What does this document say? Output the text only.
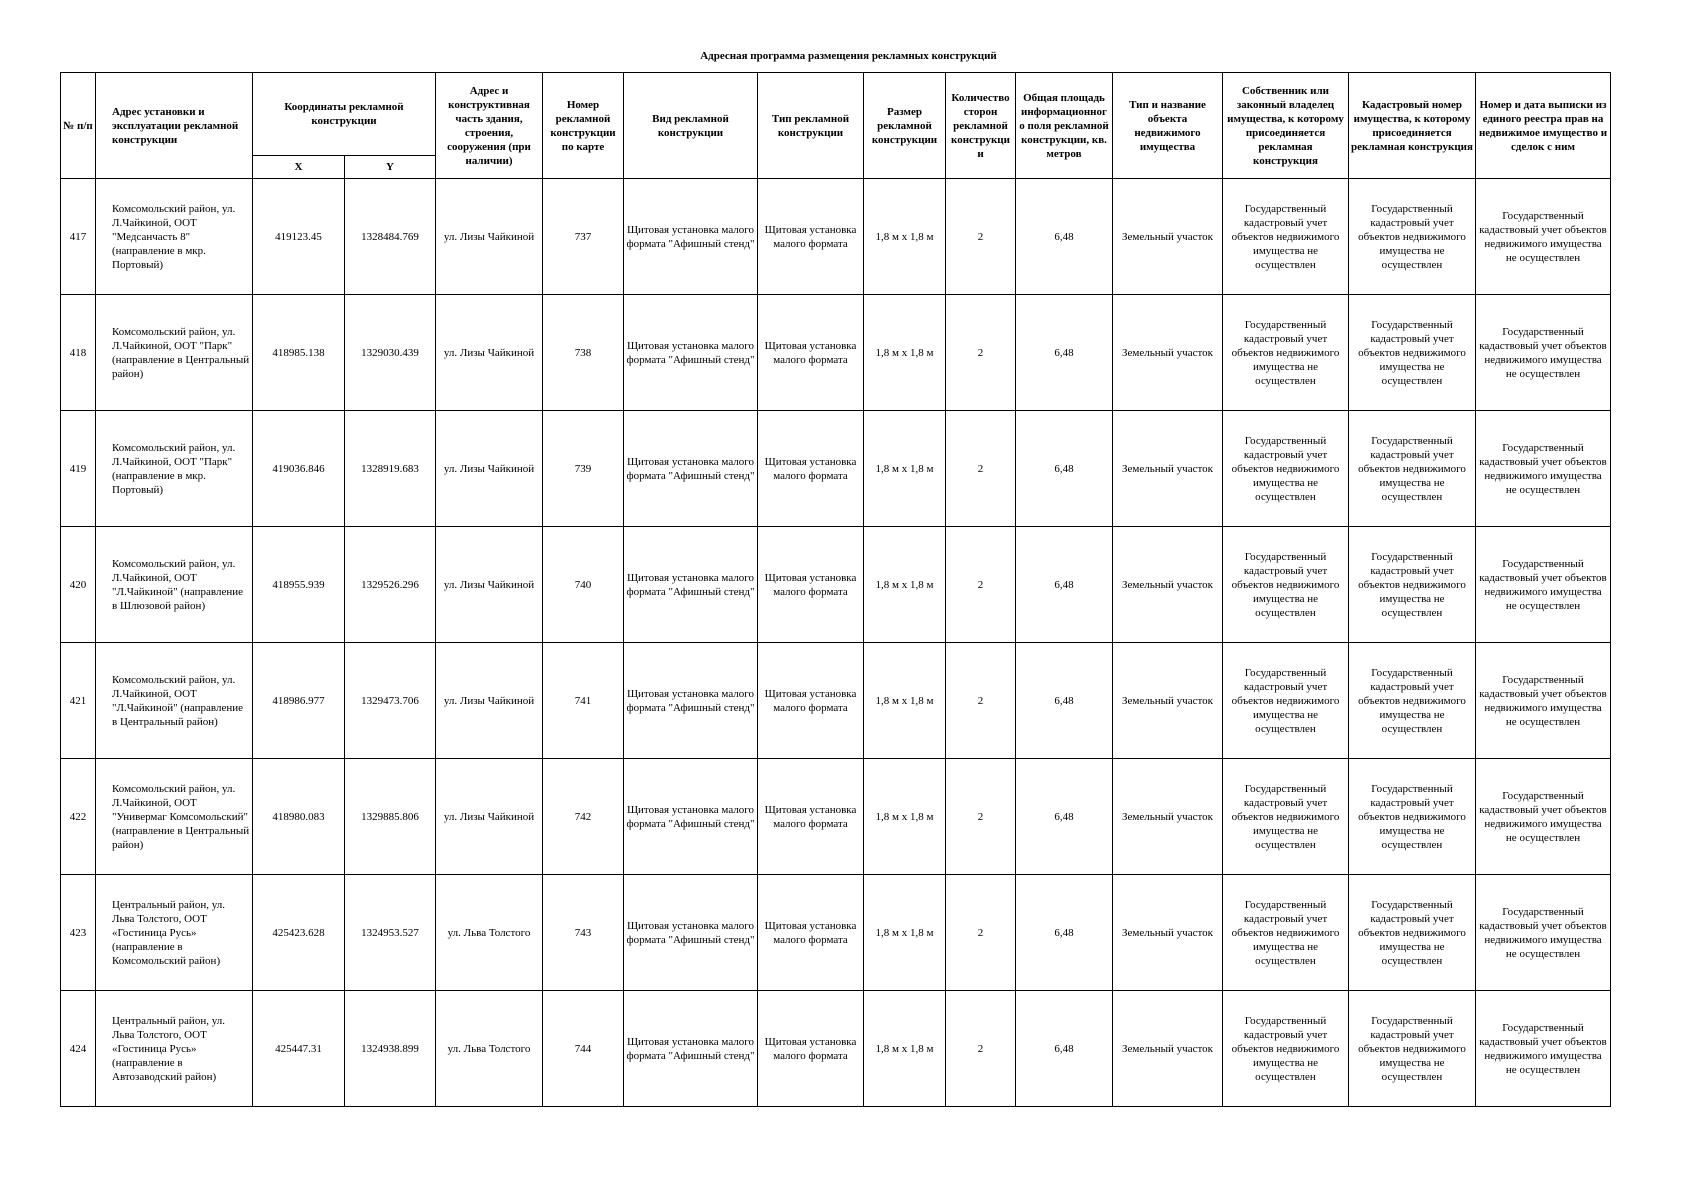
Адресная программа размещения рекламных конструкций
№ п/п	Адрес установки и эксплуатации рекламной конструкции	Координаты рекламной конструкции		Адрес и конструктивная часть здания, строения, сооружения (при наличии)	Номер рекламной конструкции по карте	Вид рекламной конструкции	Тип рекламной конструкции	Размер рекламной конструкции	Количество сторон рекламной конструкции	Общая площадь информационног о поля рекламной конструкции, кв. метров	Тип и название объекта недвижимого имущества	Собственник или законный владелец имущества, к которому присоединяется рекламная конструкция	Кадастровый номер имущества, к которому присоединяется рекламная конструкция	Номер и дата выписки из единого реестра прав на недвижимое имущество и сделок с ним
		X	Y											
417	Комсомольский район, ул. Л.Чайкиной, ООТ "Медсанчасть 8" (направление в мкр. Портовый)	419123.45	1328484.769	ул. Лизы Чайкиной	737	Щитовая установка малого формата "Афишный стенд"	Щитовая установка малого формата	1,8 м х 1,8 м	2	6,48	Земельный участок	Государственный кадастровый учет объектов недвижимого имущества не осуществлен	Государственный кадастровый учет объектов недвижимого имущества не осуществлен	Государственный кадаствовый учет объектов недвижимого имущества не осуществлен
418	Комсомольский район, ул. Л.Чайкиной, ООТ "Парк" (направление в Центральный район)	418985.138	1329030.439	ул. Лизы Чайкиной	738	Щитовая установка малого формата "Афишный стенд"	Щитовая установка малого формата	1,8 м х 1,8 м	2	6,48	Земельный участок	Государственный кадастровый учет объектов недвижимого имущества не осуществлен	Государственный кадастровый учет объектов недвижимого имущества не осуществлен	Государственный кадаствовый учет объектов недвижимого имущества не осуществлен
419	Комсомольский район, ул. Л.Чайкиной, ООТ "Парк" (направление в мкр. Портовый)	419036.846	1328919.683	ул. Лизы Чайкиной	739	Щитовая установка малого формата "Афишный стенд"	Щитовая установка малого формата	1,8 м х 1,8 м	2	6,48	Земельный участок	Государственный кадастровый учет объектов недвижимого имущества не осуществлен	Государственный кадастровый учет объектов недвижимого имущества не осуществлен	Государственный кадаствовый учет объектов недвижимого имущества не осуществлен
420	Комсомольский район, ул. Л.Чайкиной, ООТ "Л.Чайкиной" (направление в Шлюзовой район)	418955.939	1329526.296	ул. Лизы Чайкиной	740	Щитовая установка малого формата "Афишный стенд"	Щитовая установка малого формата	1,8 м х 1,8 м	2	6,48	Земельный участок	Государственный кадастровый учет объектов недвижимого имущества не осуществлен	Государственный кадастровый учет объектов недвижимого имущества не осуществлен	Государственный кадаствовый учет объектов недвижимого имущества не осуществлен
421	Комсомольский район, ул. Л.Чайкиной, ООТ "Л.Чайкиной" (направление в Центральный район)	418986.977	1329473.706	ул. Лизы Чайкиной	741	Щитовая установка малого формата "Афишный стенд"	Щитовая установка малого формата	1,8 м х 1,8 м	2	6,48	Земельный участок	Государственный кадастровый учет объектов недвижимого имущества не осуществлен	Государственный кадастровый учет объектов недвижимого имущества не осуществлен	Государственный кадаствовый учет объектов недвижимого имущества не осуществлен
422	Комсомольский район, ул. Л.Чайкиной, ООТ "Универмаг Комсомольский" (направление в Центральный район)	418980.083	1329885.806	ул. Лизы Чайкиной	742	Щитовая установка малого формата "Афишный стенд"	Щитовая установка малого формата	1,8 м х 1,8 м	2	6,48	Земельный участок	Государственный кадастровый учет объектов недвижимого имущества не осуществлен	Государственный кадастровый учет объектов недвижимого имущества не осуществлен	Государственный кадаствовый учет объектов недвижимого имущества не осуществлен
423	Центральный район, ул. Льва Толстого, ООТ «Гостиница Русь» (направление в Комсомольский район)	425423.628	1324953.527	ул. Льва Толстого	743	Щитовая установка малого формата "Афишный стенд"	Щитовая установка малого формата	1,8 м х 1,8 м	2	6,48	Земельный участок	Государственный кадастровый учет объектов недвижимого имущества не осуществлен	Государственный кадастровый учет объектов недвижимого имущества не осуществлен	Государственный кадаствовый учет объектов недвижимого имущества не осуществлен
424	Центральный район, ул. Льва Толстого, ООТ «Гостиница Русь» (направление в Автозаводский район)	425447.31	1324938.899	ул. Льва Толстого	744	Щитовая установка малого формата "Афишный стенд"	Щитовая установка малого формата	1,8 м х 1,8 м	2	6,48	Земельный участок	Государственный кадастровый учет объектов недвижимого имущества не осуществлен	Государственный кадастровый учет объектов недвижимого имущества не осуществлен	Государственный кадаствовый учет объектов недвижимого имущества не осуществлен
